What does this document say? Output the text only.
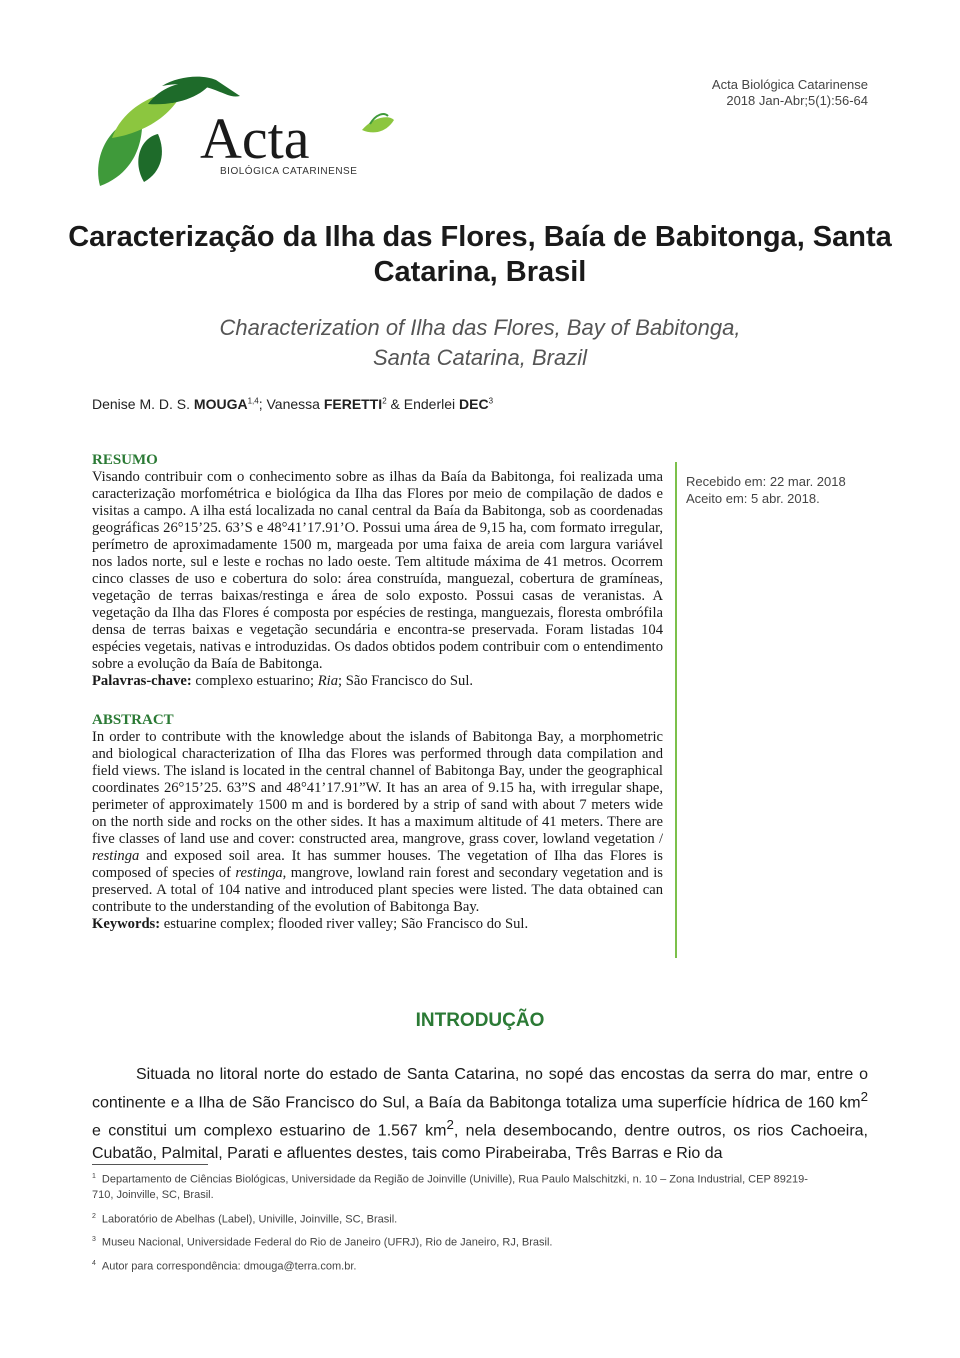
Acta
BIOLÓGICA CATARINENSE
Acta Biológica Catarinense
2018 Jan-Abr;5(1):56-64
Caracterização da Ilha das Flores, Baía de Babitonga, Santa Catarina, Brasil
Characterization of Ilha das Flores, Bay of Babitonga,
Santa Catarina, Brazil
Denise M. D. S. MOUGA$^{1,4}$; Vanessa FERETTI$^2$ & Enderlei DEC$^3$
RESUMO
Visando contribuir com o conhecimento sobre as ilhas da Baía da Babitonga, foi realizada uma caracterização morfométrica e biológica da Ilha das Flores por meio de compilação de dados e visitas a campo. A ilha está localizada no canal central da Baía da Babitonga, sob as coordenadas geográficas 26°15’25. 63’S e 48°41’17.91’O. Possui uma área de 9,15 ha, com formato irregular, perímetro de aproximadamente 1500 m, margeada por uma faixa de areia com largura variável nos lados norte, sul e leste e rochas no lado oeste. Tem altitude máxima de 41 metros. Ocorrem cinco classes de uso e cobertura do solo: área construída, manguezal, cobertura de gramíneas, vegetação de terras baixas/restinga e área de solo exposto. Possui casas de veranistas. A vegetação da Ilha das Flores é composta por espécies de restinga, manguezais, floresta ombrófila densa de terras baixas e vegetação secundária e encontra-se preservada. Foram listadas 104 espécies vegetais, nativas e introduzidas. Os dados obtidos podem contribuir com o entendimento sobre a evolução da Baía de Babitonga.
Palavras-chave: complexo estuarino; Ria; São Francisco do Sul.
ABSTRACT
In order to contribute with the knowledge about the islands of Babitonga Bay, a morphometric and biological characterization of Ilha das Flores was performed through data compilation and field views. The island is located in the central channel of Babitonga Bay, under the geographical coordinates 26°15’25. 63”S and 48°41’17.91”W. It has an area of 9.15 ha, with irregular shape, perimeter of approximately 1500 m and is bordered by a strip of sand with about 7 meters wide on the north side and rocks on the other sides. It has a maximum altitude of 41 meters. There are five classes of land use and cover: constructed area, mangrove, grass cover, lowland vegetation / restinga and exposed soil area. It has summer houses. The vegetation of Ilha das Flores is composed of species of restinga, mangrove, lowland rain forest and secondary vegetation and is preserved. A total of 104 native and introduced plant species were listed. The data obtained can contribute to the understanding of the evolution of Babitonga Bay.
Keywords: estuarine complex; flooded river valley; São Francisco do Sul.
Recebido em: 22 mar. 2018
Aceito em: 5 abr. 2018.
INTRODUÇÃO
Situada no litoral norte do estado de Santa Catarina, no sopé das encostas da serra do mar, entre o continente e a Ilha de São Francisco do Sul, a Baía da Babitonga totaliza uma superfície hídrica de 160 $km^2$ e constitui um complexo estuarino de 1.567 $km^2$, nela desembocando, dentre outros, os rios Cachoeira, Cubatão, Palmital, Parati e afluentes destes, tais como Pirabeiraba, Três Barras e Rio da
$^1$ Departamento de Ciências Biológicas, Universidade da Região de Joinville (Univille), Rua Paulo Malschitzki, n. 10 – Zona Industrial, CEP 89219-710, Joinville, SC, Brasil.
$^2$ Laboratório de Abelhas (Label), Univille, Joinville, SC, Brasil.
$^3$ Museu Nacional, Universidade Federal do Rio de Janeiro (UFRJ), Rio de Janeiro, RJ, Brasil.
$^4$ Autor para correspondência: dmouga@terra.com.br.
